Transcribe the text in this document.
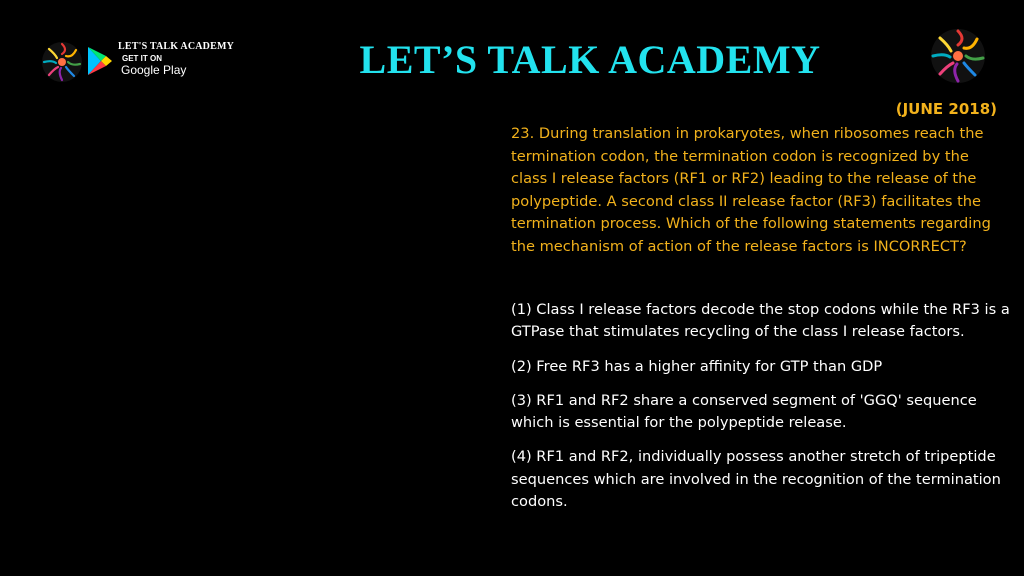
LET'S TALK ACADEMY
GET IT ON
Google Play	LET’S TALK ACADEMY
(JUNE 2018)

23. During translation in prokaryotes, when ribosomes reach the termination codon, the termination codon is recognized by the class I release factors (RF1 or RF2) leading to the release of the polypeptide. A second class II release factor (RF3) facilitates the termination process. Which of the following statements regarding the mechanism of action of the release factors is INCORRECT?

(1) Class I release factors decode the stop codons while the RF3 is a GTPase that stimulates recycling of the class I release factors.

(2) Free RF3 has a higher affinity for GTP than GDP

(3) RF1 and RF2 share a conserved segment of 'GGQ' sequence which is essential for the polypeptide release.

(4) RF1 and RF2, individually possess another stretch of tripeptide sequences which are involved in the recognition of the termination codons.
